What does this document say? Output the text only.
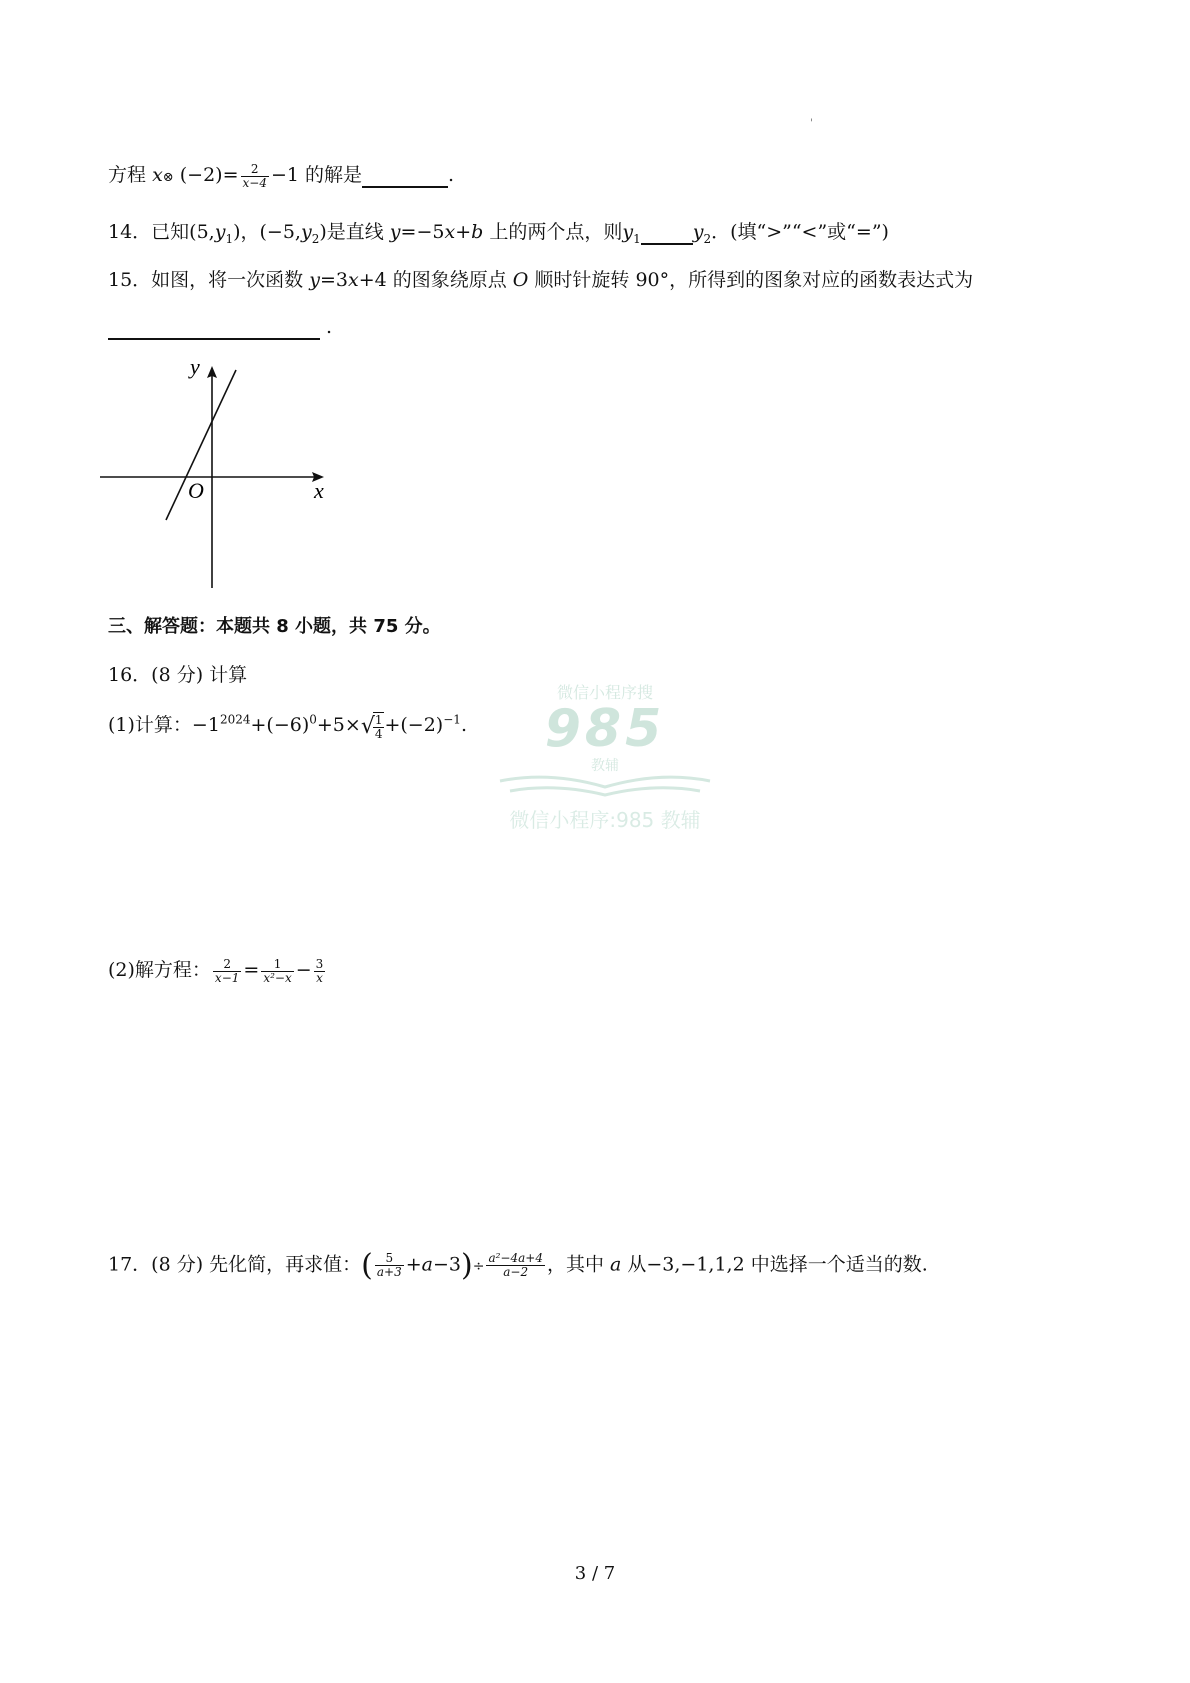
'
方程 x⊗ $(-2)= \frac{2}{x-4} -1$ 的解是	.
14．已知$(5,y_1)$，$(-5,y_2)$是直线 y=−5x+b 上的两个点，则$y_1$	$y_2$．(填“>”“<”或“=”)
15．如图，将一次函数 y=3x+4 的图象绕原点 O 顺时针旋转 90°，所得到的图象对应的函数表达式为
.
y
x
O
三、解答题：本题共 8 小题，共 75 分。
16．(8 分) 计算
(1)计算：$-1^{2024}+(-6)^0+5\times$
√ $\frac{1}{4} +(-2)^{-1}$.
(2)解方程： $\frac{2}{x-1} = \frac{1}{\text{x²−x}} - \frac{3}{x}$
17．(8 分) 先化简，再求值：( $\frac{5}{a+3} +a-3)\div \frac{\text{a²−4a+4}}{a-2}$ ，其中 a 从−3,−1,1,2 中选择一个适当的数.
微信小程序搜
985
教辅
微信小程序:985 教辅
3 / 7
